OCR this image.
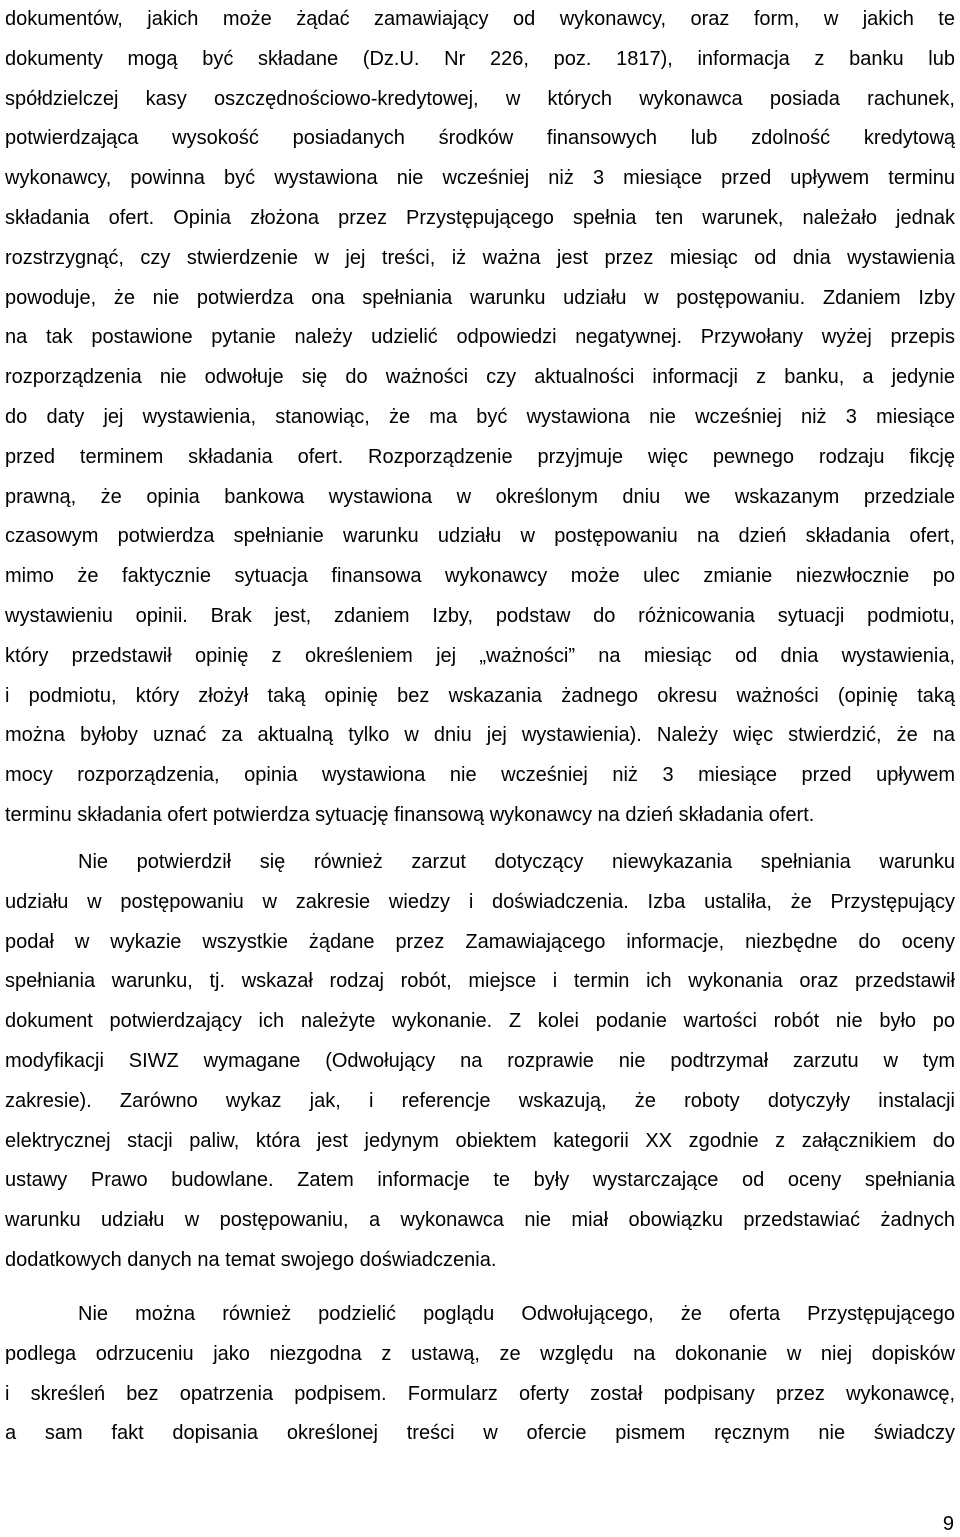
dokumentów, jakich może żądać zamawiający od wykonawcy, oraz form, w jakich te
dokumenty mogą być składane (Dz.U. Nr 226, poz. 1817), informacja z banku lub
spółdzielczej kasy oszczędnościowo-kredytowej, w których wykonawca posiada rachunek,
potwierdzająca wysokość posiadanych środków finansowych lub zdolność kredytową
wykonawcy, powinna być wystawiona nie wcześniej niż 3 miesiące przed upływem terminu
składania ofert. Opinia złożona przez Przystępującego spełnia ten warunek, należało jednak
rozstrzygnąć, czy stwierdzenie w jej treści, iż ważna jest przez miesiąc od dnia wystawienia
powoduje, że nie potwierdza ona spełniania warunku udziału w postępowaniu. Zdaniem Izby
na tak postawione pytanie należy udzielić odpowiedzi negatywnej. Przywołany wyżej przepis
rozporządzenia nie odwołuje się do ważności czy aktualności informacji z banku, a jedynie
do daty jej wystawienia, stanowiąc, że ma być wystawiona nie wcześniej niż 3 miesiące
przed terminem składania ofert. Rozporządzenie przyjmuje więc pewnego rodzaju fikcję
prawną, że opinia bankowa wystawiona w określonym dniu we wskazanym przedziale
czasowym potwierdza spełnianie warunku udziału w postępowaniu na dzień składania ofert,
mimo że faktycznie sytuacja finansowa wykonawcy może ulec zmianie niezwłocznie po
wystawieniu opinii. Brak jest, zdaniem Izby, podstaw do różnicowania sytuacji podmiotu,
który przedstawił opinię z określeniem jej „ważności” na miesiąc od dnia wystawienia,
i podmiotu, który złożył taką opinię bez wskazania żadnego okresu ważności (opinię taką
można byłoby uznać za aktualną tylko w dniu jej wystawienia). Należy więc stwierdzić, że na
mocy rozporządzenia, opinia wystawiona nie wcześniej niż 3 miesiące przed upływem
terminu składania ofert potwierdza sytuację finansową wykonawcy na dzień składania ofert.
Nie potwierdził się również zarzut dotyczący niewykazania spełniania warunku
udziału w postępowaniu w zakresie wiedzy i doświadczenia. Izba ustaliła, że Przystępujący
podał w wykazie wszystkie żądane przez Zamawiającego informacje, niezbędne do oceny
spełniania warunku, tj. wskazał rodzaj robót, miejsce i termin ich wykonania oraz przedstawił
dokument potwierdzający ich należyte wykonanie. Z kolei podanie wartości robót nie było po
modyfikacji SIWZ wymagane (Odwołujący na rozprawie nie podtrzymał zarzutu w tym
zakresie). Zarówno wykaz jak, i referencje wskazują, że roboty dotyczyły instalacji
elektrycznej stacji paliw, która jest jedynym obiektem kategorii XX zgodnie z załącznikiem do
ustawy Prawo budowlane. Zatem informacje te były wystarczające od oceny spełniania
warunku udziału w postępowaniu, a wykonawca nie miał obowiązku przedstawiać żadnych
dodatkowych danych na temat swojego doświadczenia.
Nie można również podzielić poglądu Odwołującego, że oferta Przystępującego
podlega odrzuceniu jako niezgodna z ustawą, ze względu na dokonanie w niej dopisków
i skreśleń bez opatrzenia podpisem. Formularz oferty został podpisany przez wykonawcę,
a sam fakt dopisania określonej treści w ofercie pismem ręcznym nie świadczy
9
